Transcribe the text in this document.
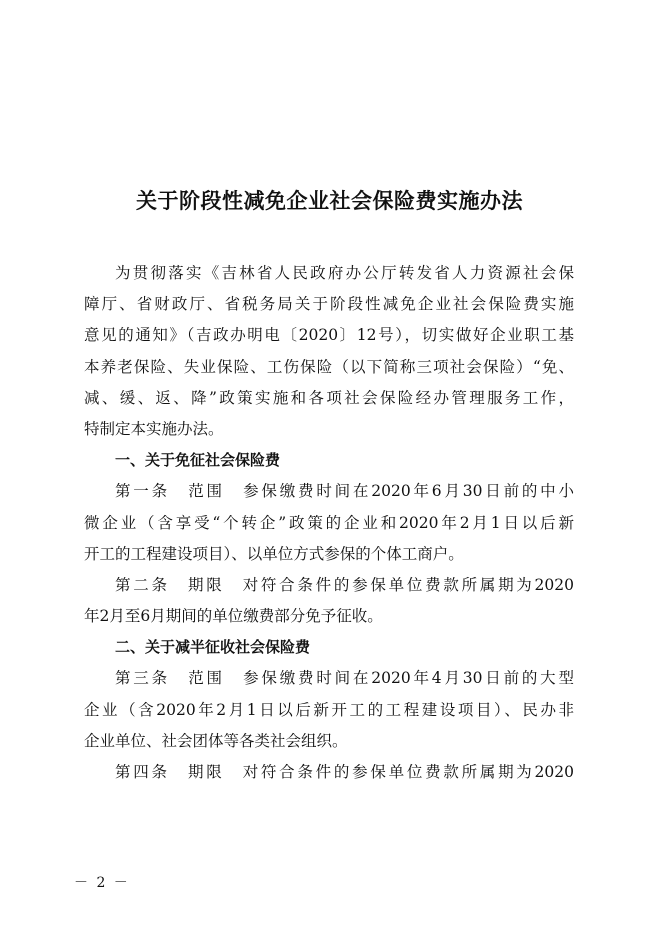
关于阶段性减免企业社会保险费实施办法
为贯彻落实《吉林省人民政府办公厅转发省人力资源社会保
障厅、省财政厅、省税务局关于阶段性减免企业社会保险费实施
意见的通知》（吉政办明电〔2020〕12号），切实做好企业职工基
本养老保险、失业保险、工伤保险（以下简称三项社会保险）“免、
减、缓、返、降”政策实施和各项社会保险经办管理服务工作，
特制定本实施办法。
一、关于免征社会保险费
第一条　范围　参保缴费时间在2020年6月30日前的中小
微企业（含享受“个转企”政策的企业和2020年2月1日以后新
开工的工程建设项目）、以单位方式参保的个体工商户。
第二条　期限　对符合条件的参保单位费款所属期为2020
年2月至6月期间的单位缴费部分免予征收。
二、关于减半征收社会保险费
第三条　范围　参保缴费时间在2020年4月30日前的大型
企业（含2020年2月1日以后新开工的工程建设项目）、民办非
企业单位、社会团体等各类社会组织。
第四条　期限　对符合条件的参保单位费款所属期为2020
－ 2 －
